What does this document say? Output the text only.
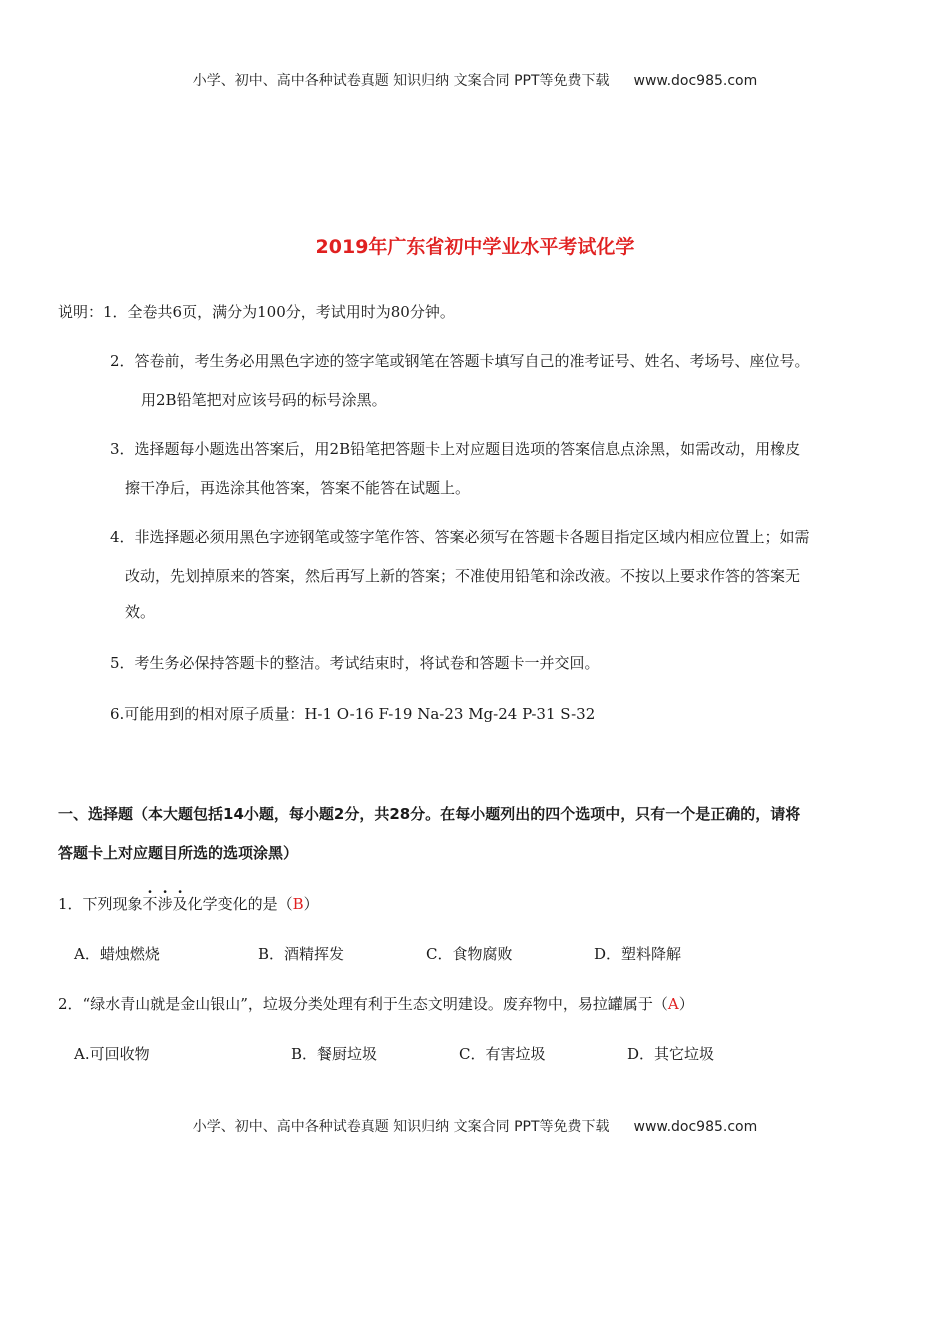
小学、初中、高中各种试卷真题 知识归纳 文案合同 PPT等免费下载 www.doc985.com
2019年广东省初中学业水平考试化学
说明：1．全卷共6页，满分为100分，考试用时为80分钟。
2．答卷前，考生务必用黑色字迹的签字笔或钢笔在答题卡填写自己的准考证号、姓名、考场号、座位号。
用2B铅笔把对应该号码的标号涂黑。
3．选择题每小题选出答案后，用2B铅笔把答题卡上对应题目选项的答案信息点涂黑，如需改动，用橡皮
擦干净后，再选涂其他答案，答案不能答在试题上。
4．非选择题必须用黑色字迹钢笔或签字笔作答、答案必须写在答题卡各题目指定区域内相应位置上；如需
改动，先划掉原来的答案，然后再写上新的答案；不准使用铅笔和涂改液。不按以上要求作答的答案无
效。
5．考生务必保持答题卡的整洁。考试结束时，将试卷和答题卡一并交回。
6.可能用到的相对原子质量：H-1 O-16 F-19 Na-23 Mg-24 P-31 S-32
一、选择题（本大题包括14小题，每小题2分，共28分。在每小题列出的四个选项中，只有一个是正确的，请将
答题卡上对应题目所选的选项涂黑）
1．下列现象不涉及化学变化的是（B）
A．蜡烛燃烧	B．酒精挥发	C．食物腐败	D．塑料降解
2．“绿水青山就是金山银山”，垃圾分类处理有利于生态文明建设。废弃物中，易拉罐属于（A）
A.可回收物	B．餐厨垃圾	C．有害垃圾	D．其它垃圾
小学、初中、高中各种试卷真题 知识归纳 文案合同 PPT等免费下载 www.doc985.com
